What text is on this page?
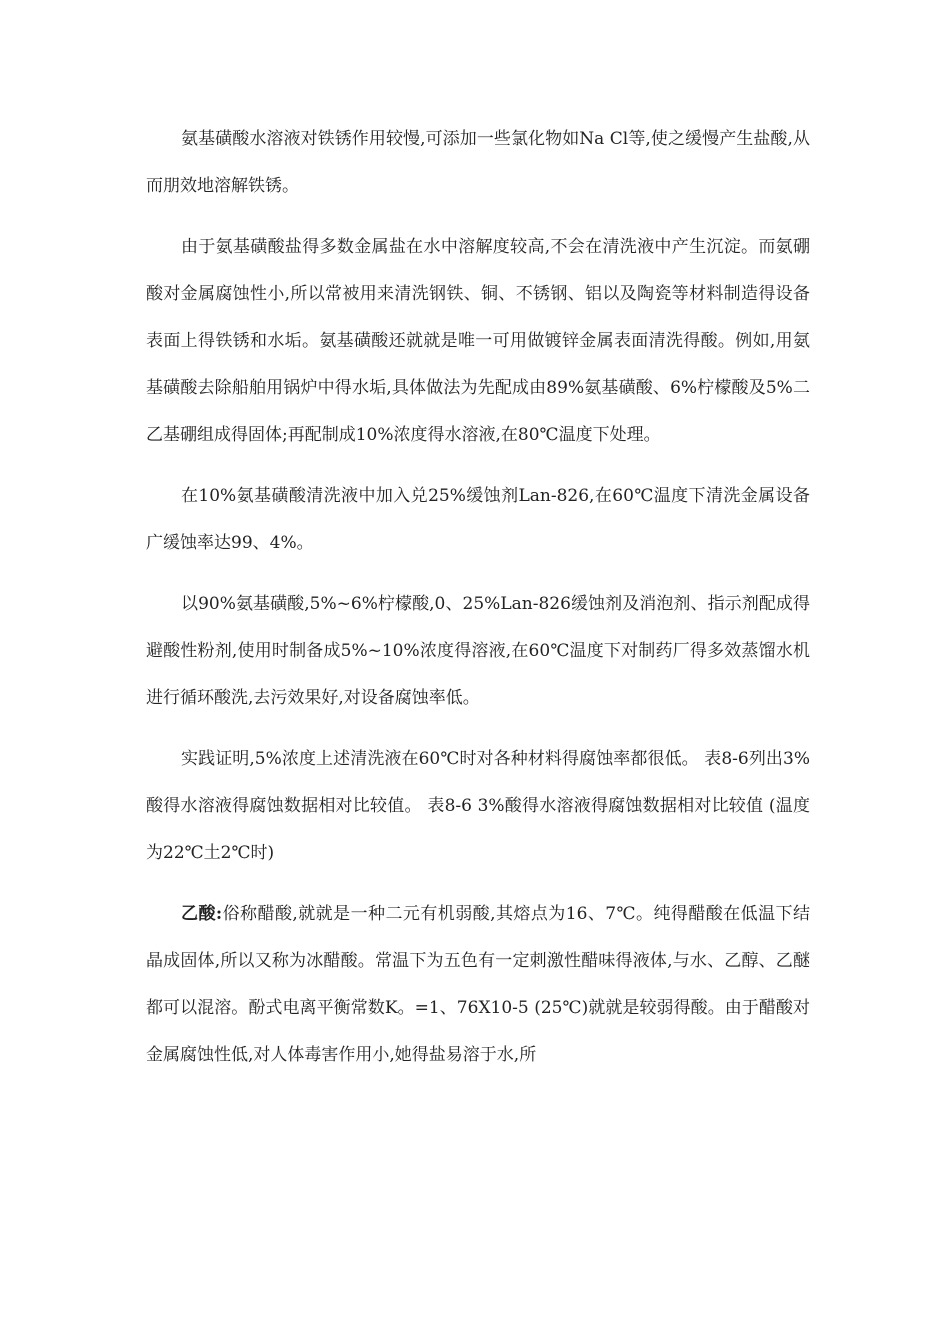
氨基磺酸水溶液对铁锈作用较慢,可添加一些氯化物如Na Cl等,使之缓慢产生盐酸,从而朋效地溶解铁锈。

由于氨基磺酸盐得多数金属盐在水中溶解度较高,不会在清洗液中产生沉淀。而氨硼酸对金属腐蚀性小,所以常被用来清洗钢铁、铜、不锈钢、铝以及陶瓷等材料制造得设备表面上得铁锈和水垢。氨基磺酸还就就是唯一可用做镀锌金属表面清洗得酸。例如,用氨基磺酸去除船舶用锅炉中得水垢,具体做法为先配成由89%氨基磺酸、6%柠檬酸及5%二乙基硼组成得固体;再配制成10%浓度得水溶液,在80℃温度下处理。

在10%氨基磺酸清洗液中加入兑25%缓蚀剂Lan-826,在60℃温度下清洗金属设备广缓蚀率达99、4%。

以90%氨基磺酸,5%~6%柠檬酸,0、25%Lan-826缓蚀剂及消泡剂、指示剂配成得避酸性粉剂,使用时制备成5%~10%浓度得溶液,在60℃温度下对制药厂得多效蒸馏水机进行循环酸洗,去污效果好,对设备腐蚀率低。

实践证明,5%浓度上述清洗液在60℃时对各种材料得腐蚀率都很低。 表8-6列出3%酸得水溶液得腐蚀数据相对比较值。 表8-6 3%酸得水溶液得腐蚀数据相对比较值 (温度为22℃土2℃时)

乙酸:俗称醋酸,就就是一种二元有机弱酸,其熔点为16、7℃。纯得醋酸在低温下结晶成固体,所以又称为冰醋酸。常温下为五色有一定刺激性醋味得液体,与水、乙醇、乙醚都可以混溶。酚式电离平衡常数K。=1、76X10-5 (25℃)就就是较弱得酸。由于醋酸对金属腐蚀性低,对人体毒害作用小,她得盐易溶于水,所
